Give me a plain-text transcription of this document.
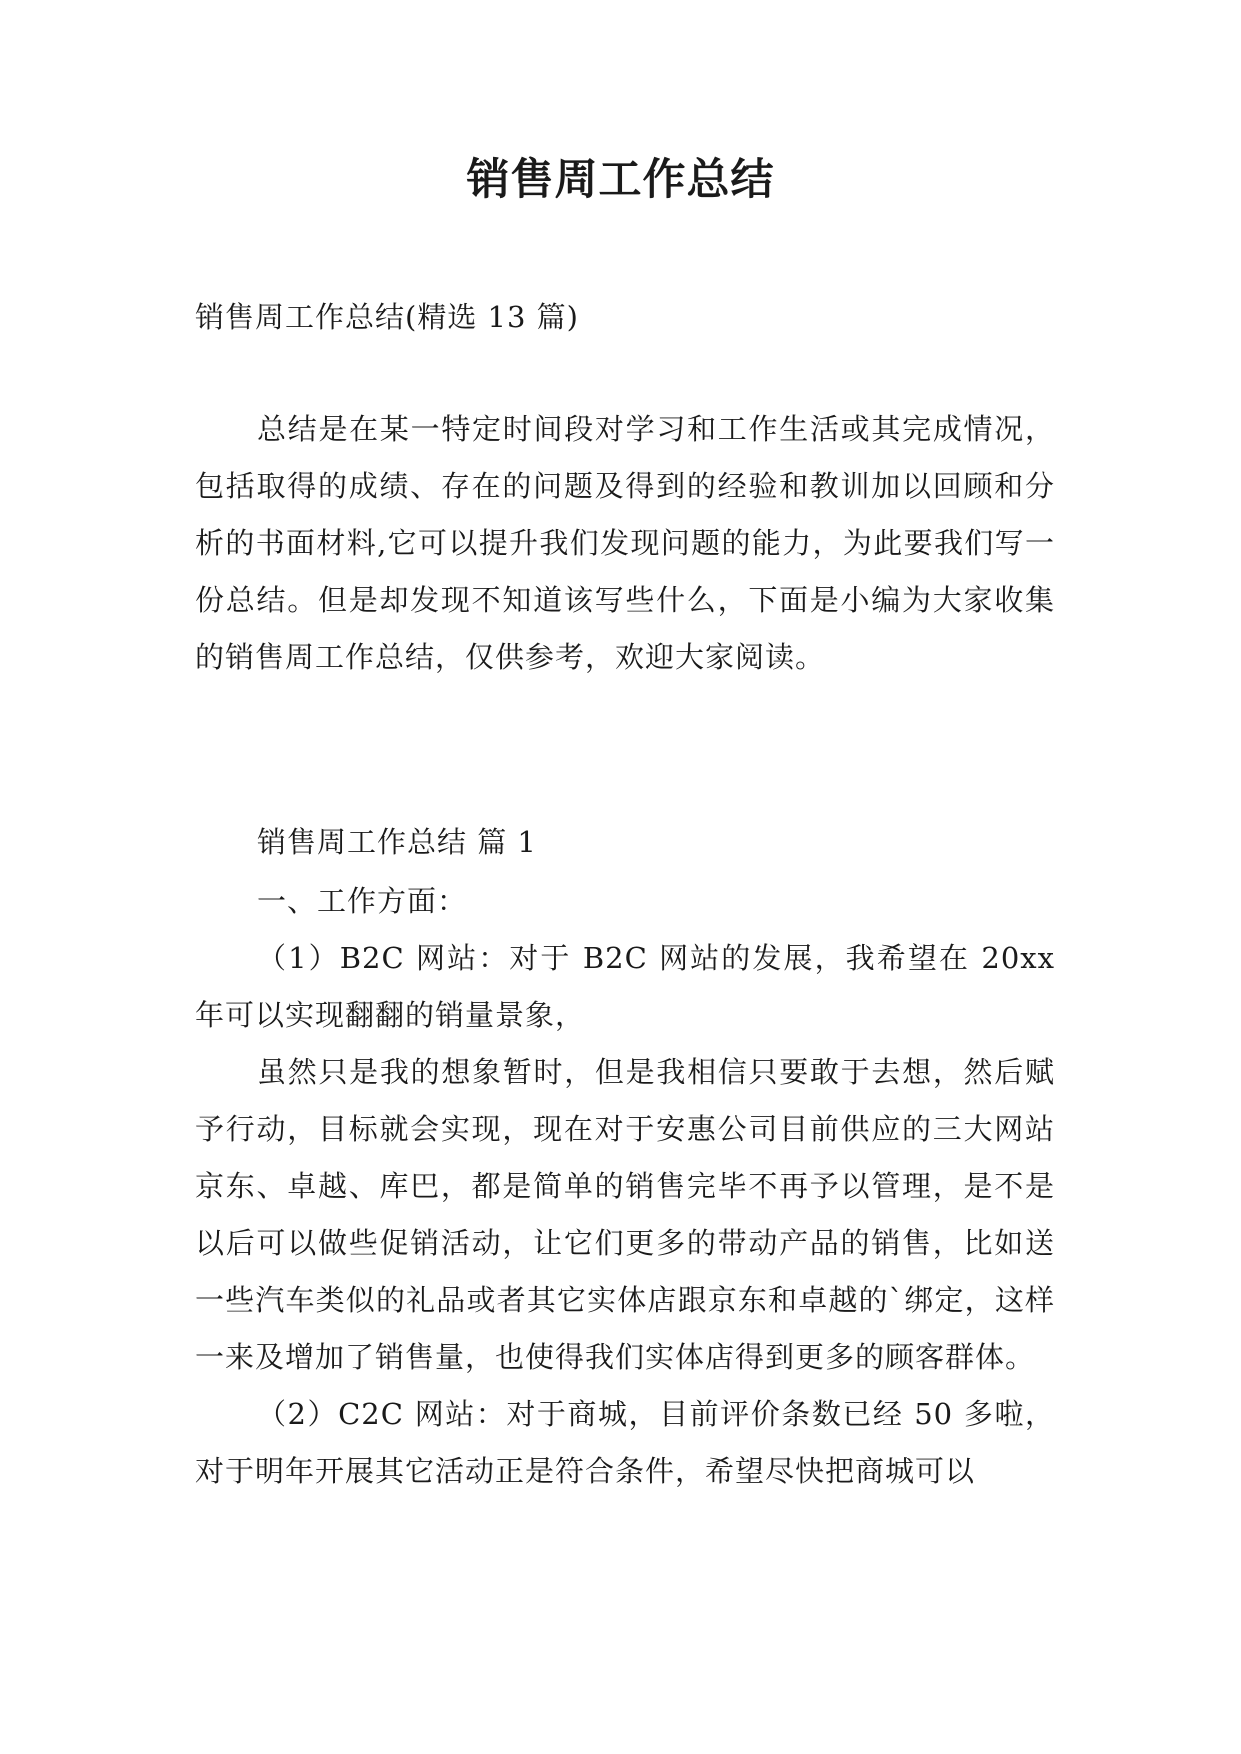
销售周工作总结

销售周工作总结(精选 13 篇)

总结是在某一特定时间段对学习和工作生活或其完成情况，包括取得的成绩、存在的问题及得到的经验和教训加以回顾和分析的书面材料,它可以提升我们发现问题的能力，为此要我们写一份总结。但是却发现不知道该写些什么，下面是小编为大家收集的销售周工作总结，仅供参考，欢迎大家阅读。

销售周工作总结 篇 1

一、工作方面：

（1）B2C 网站：对于 B2C 网站的发展，我希望在 20xx 年可以实现翻翻的销量景象，

虽然只是我的想象暂时，但是我相信只要敢于去想，然后赋予行动，目标就会实现，现在对于安惠公司目前供应的三大网站京东、卓越、库巴，都是简单的销售完毕不再予以管理，是不是以后可以做些促销活动，让它们更多的带动产品的销售，比如送一些汽车类似的礼品或者其它实体店跟京东和卓越的`绑定，这样一来及增加了销售量，也使得我们实体店得到更多的顾客群体。

（2）C2C 网站：对于商城，目前评价条数已经 50 多啦，对于明年开展其它活动正是符合条件，希望尽快把商城可以
